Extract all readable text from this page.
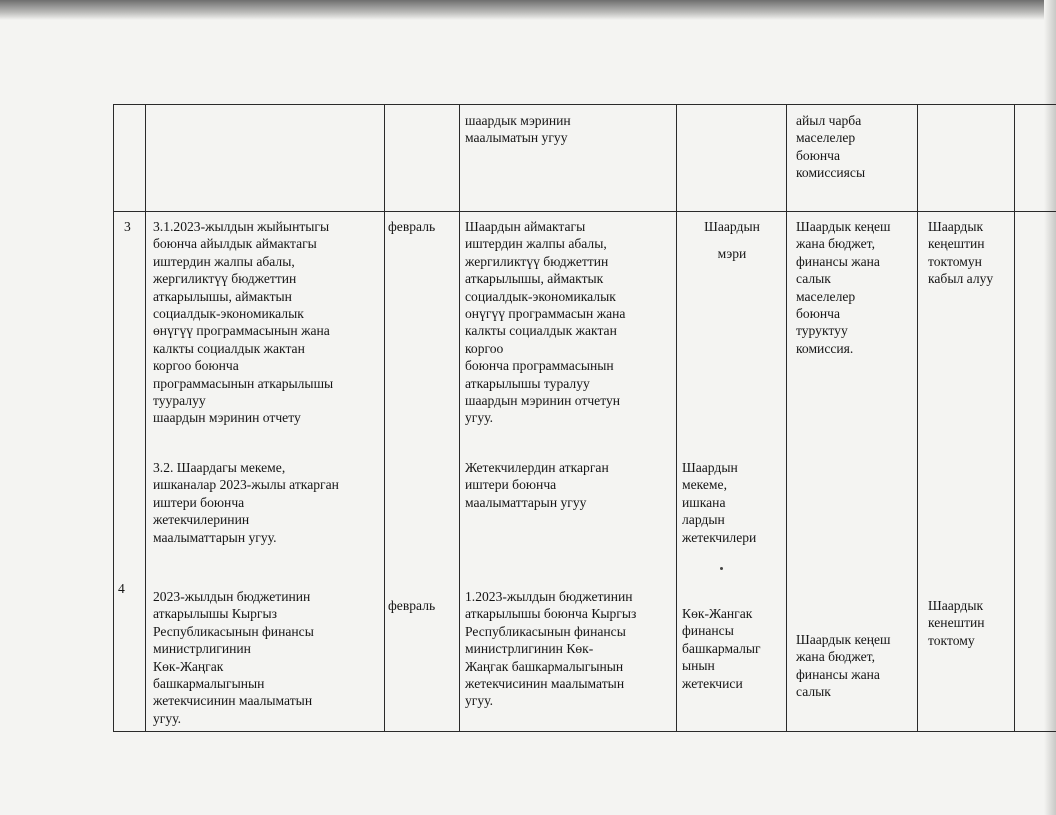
шаардык мэринин
маалыматын угуу
айыл чарба
маселелер
боюнча
комиссиясы
3 3.1.2023-жылдын жыйынтыгы
боюнча айылдык аймактагы
иштердин жалпы абалы,
жергиликтүү бюджеттин
аткарылышы, аймактын
социалдык-экономикалык
өнүгүү программасынын жана
калкты социалдык жактан
коргоо боюнча
программасынын аткарылышы
тууралуу
шаардын мэринин отчету
февраль Шаардын аймактагы
иштердин жалпы абалы,
жергиликтүү бюджеттин
аткарылышы, аймактык
социалдык-экономикалык
онүгүү программасын жана
калкты социалдык жактан
коргоо
боюнча программасынын
аткарылышы туралуу
шаардын мэринин отчетун
угуу.
Шаардын
мэри
Шаардык кеңеш
жана бюджет,
финансы жана
салык
маселелер
боюнча
туруктуу
комиссия.
Шаардык
кеңештин
токтомун
кабыл алуу
3.2. Шаардагы мекеме,
ишканалар 2023-жылы аткарган
иштери боюнча
жетекчилеринин
маалыматтарын угуу.
Жетекчилердин аткарган
иштери боюнча
маалыматтарын угуу
Шаардын
мекеме,
ишкана
лардын
жетекчилери
4
2023-жылдын бюджетинин
аткарылышы Кыргыз
Республикасынын финансы
министрлигинин
Көк-Жаңгак
башкармалыгынын
жетекчисинин маалыматын
угуу.
февраль
1.2023-жылдын бюджетинин
аткарылышы боюнча Кыргыз
Республикасынын финансы
министрлигинин Көк-
Жаңгак башкармалыгынын
жетекчисинин маалыматын
угуу.
Көк-Жангак
финансы
башкармалыг
ынын
жетекчиси
Шаардык кеңеш
жана бюджет,
финансы жана
салык
Шаардык
кенештин
токтому
